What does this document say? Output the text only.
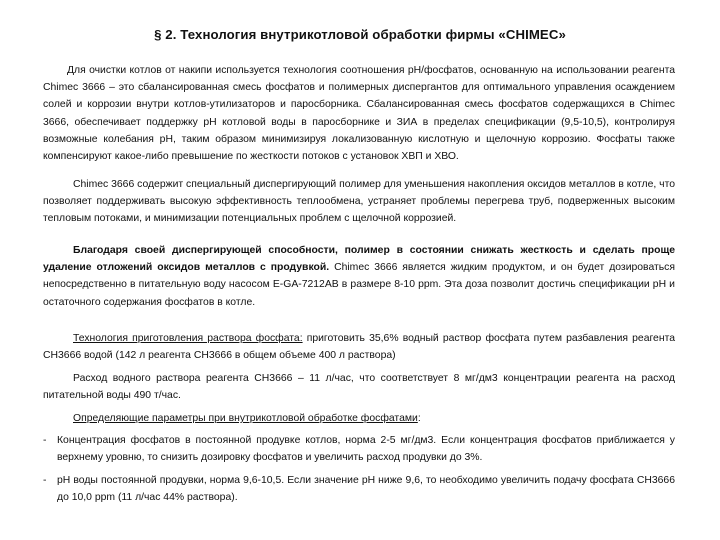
§ 2. Технология внутрикотловой обработки фирмы «CHIMEC»

Для очистки котлов от накипи используется технология соотношения pH/фосфатов, основанную на использовании реагента Chimec 3666 – это сбалансированная смесь фосфатов и полимерных диспергантов для оптимального управления осаждением солей и коррозии внутри котлов-утилизаторов и паросборника. Сбалансированная смесь фосфатов содержащихся в Chimec 3666, обеспечивает поддержку pH котловой воды в паросборнике и ЗИА в пределах спецификации (9,5-10,5), контролируя возможные колебания pH, таким образом минимизируя локализованную кислотную и щелочную коррозию. Фосфаты также компенсируют какое-либо превышение по жесткости потоков с установок ХВП и ХВО.

Chimec 3666 содержит специальный диспергирующий полимер для уменьшения накопления оксидов металлов в котле, что позволяет поддерживать высокую эффективность теплообмена, устраняет проблемы перегрева труб, подверженных высоким тепловым потоками, и минимизации потенциальных проблем с щелочной коррозией.

Благодаря своей диспергирующей способности, полимер в состоянии снижать жесткость и сделать проще удаление отложений оксидов металлов с продувкой. Chimec 3666 является жидким продуктом, и он будет дозироваться непосредственно в питательную воду насосом E-GA-7212AB в размере 8-10 ppm. Эта доза позволит достичь спецификации pH и остаточного содержания фосфатов в котле.

Технология приготовления раствора фосфата: приготовить 35,6% водный раствор фосфата путем разбавления реагента CH3666 водой (142 л реагента CH3666 в общем объеме 400 л раствора)

Расход водного раствора реагента CH3666 – 11 л/час, что соответствует 8 мг/дм3 концентрации реагента на расход питательной воды 490 т/час.

Определяющие параметры при внутрикотловой обработке фосфатами:

- Концентрация фосфатов в постоянной продувке котлов, норма 2-5 мг/дм3. Если концентрация фосфатов приближается у верхнему уровню, то снизить дозировку фосфатов и увеличить расход продувки до 3%.
- pH воды постоянной продувки, норма 9,6-10,5. Если значение pH ниже 9,6, то необходимо увеличить подачу фосфата CH3666 до 10,0 ppm (11 л/час 44% раствора).
